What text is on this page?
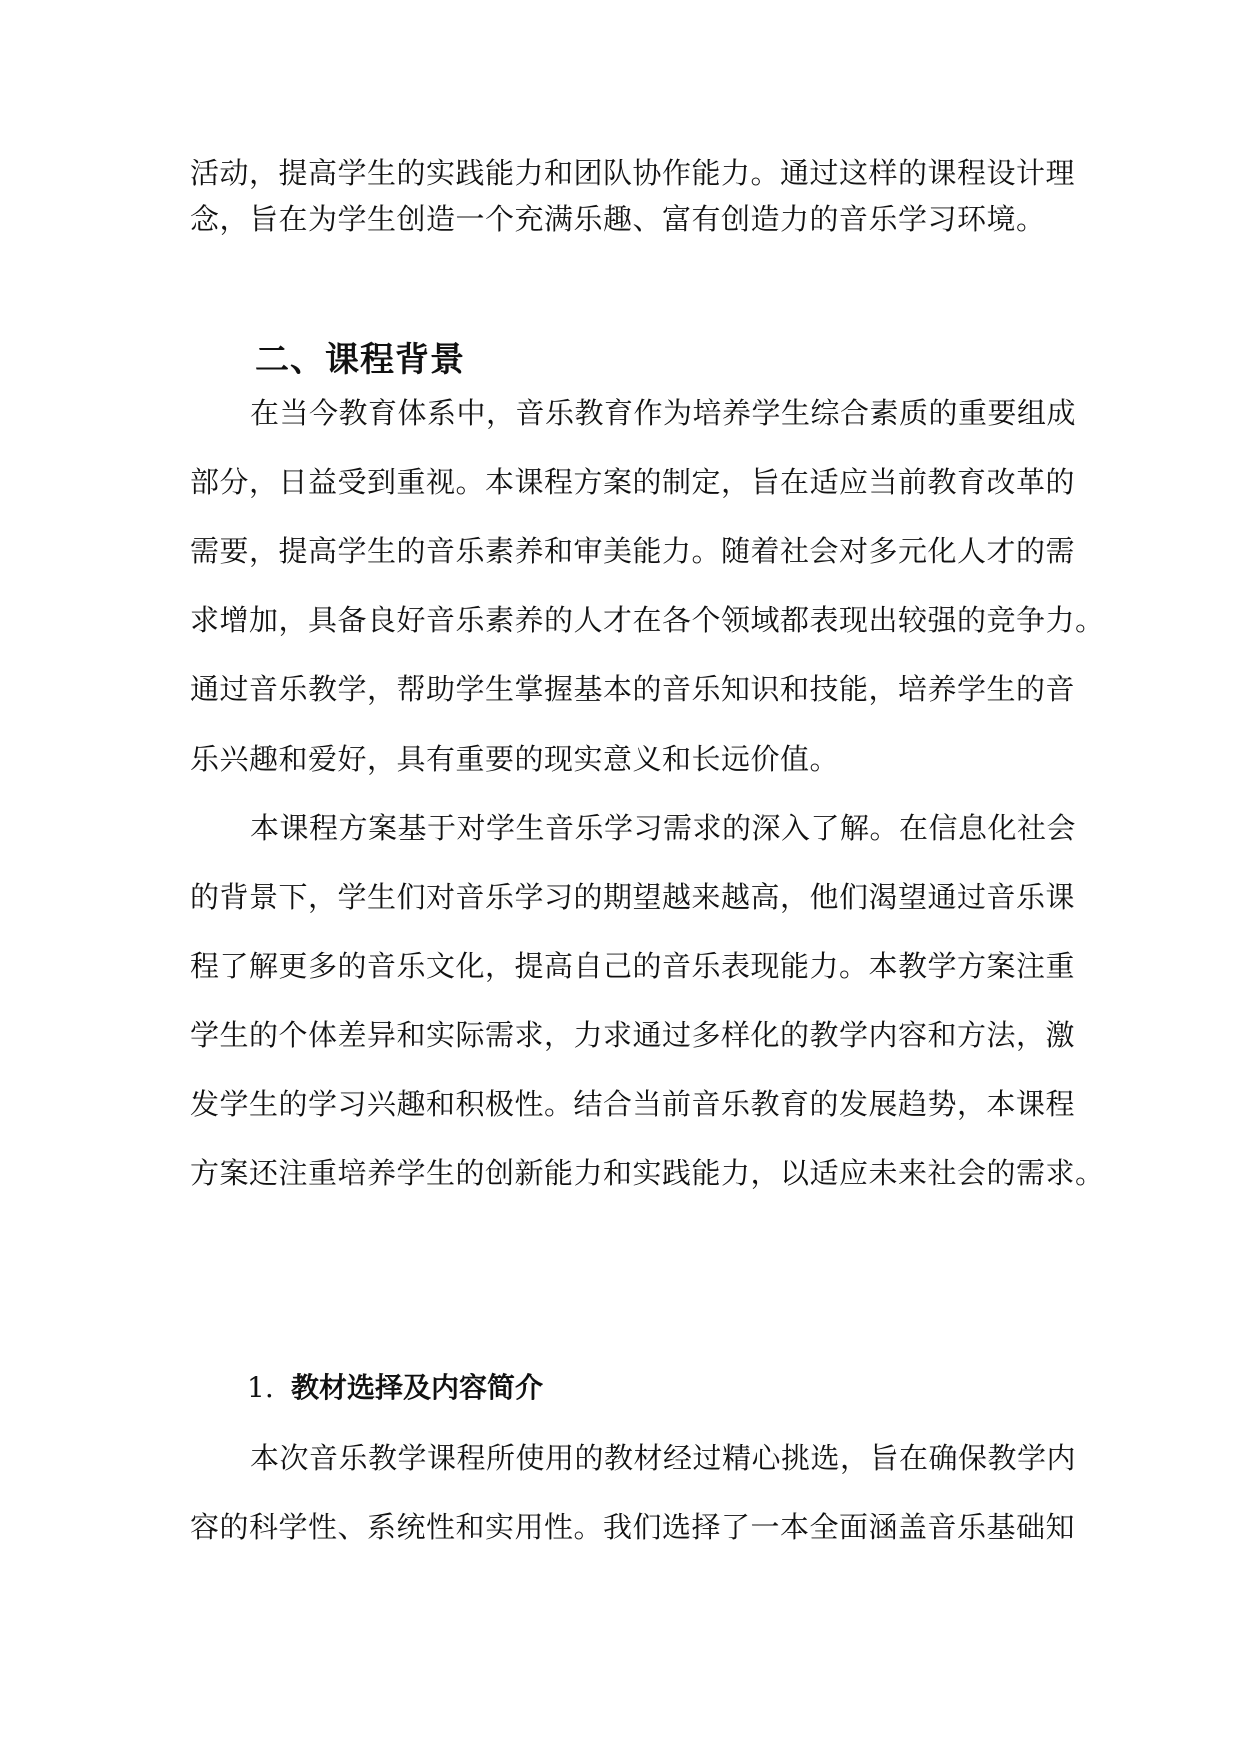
活动，提高学生的实践能力和团队协作能力。通过这样的课程设计理
念，旨在为学生创造一个充满乐趣、富有创造力的音乐学习环境。
二、课程背景
在当今教育体系中，音乐教育作为培养学生综合素质的重要组成
部分，日益受到重视。本课程方案的制定，旨在适应当前教育改革的
需要，提高学生的音乐素养和审美能力。随着社会对多元化人才的需
求增加，具备良好音乐素养的人才在各个领域都表现出较强的竞争力。
通过音乐教学，帮助学生掌握基本的音乐知识和技能，培养学生的音
乐兴趣和爱好，具有重要的现实意义和长远价值。
本课程方案基于对学生音乐学习需求的深入了解。在信息化社会
的背景下，学生们对音乐学习的期望越来越高，他们渴望通过音乐课
程了解更多的音乐文化，提高自己的音乐表现能力。本教学方案注重
学生的个体差异和实际需求，力求通过多样化的教学内容和方法，激
发学生的学习兴趣和积极性。结合当前音乐教育的发展趋势，本课程
方案还注重培养学生的创新能力和实践能力，以适应未来社会的需求。
1. 教材选择及内容简介
本次音乐教学课程所使用的教材经过精心挑选，旨在确保教学内
容的科学性、系统性和实用性。我们选择了一本全面涵盖音乐基础知
